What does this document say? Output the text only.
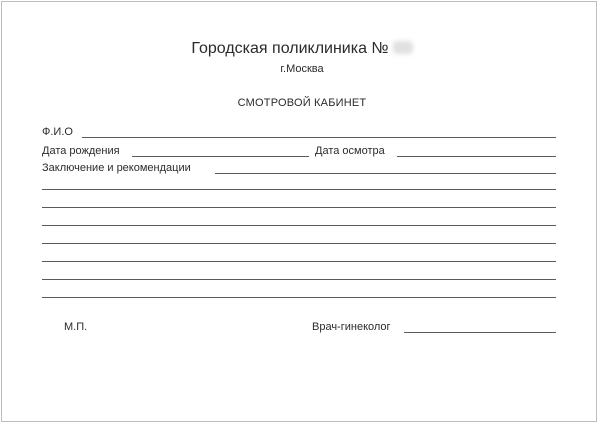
Городская поликлиника №
г.Москва
СМОТРОВОЙ КАБИНЕТ
Ф.И.О
Дата рождения	Дата осмотра
Заключение и рекомендации
М.П.	Врач-гинеколог
